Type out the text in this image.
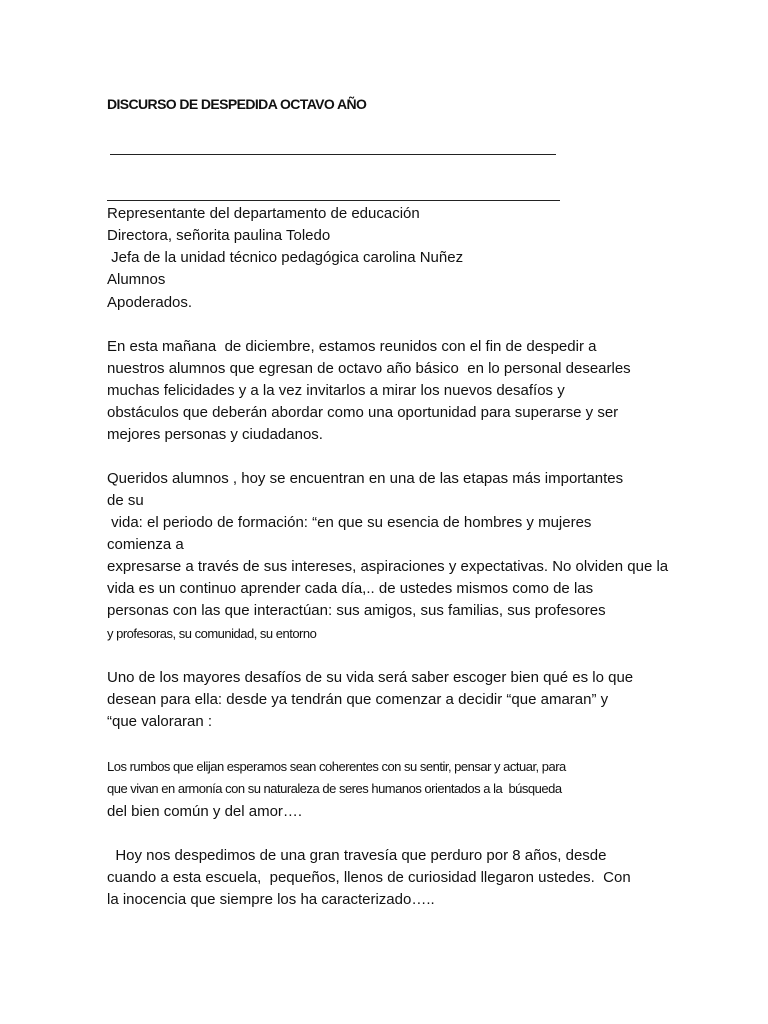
DISCURSO DE DESPEDIDA OCTAVO AÑO
Representante del departamento de educación
Directora, señorita paulina Toledo
Jefa de la unidad técnico pedagógica carolina Nuñez
Alumnos
Apoderados.
En esta mañana  de diciembre, estamos reunidos con el fin de despedir a
nuestros alumnos que egresan de octavo año básico  en lo personal desearles
muchas felicidades y a la vez invitarlos a mirar los nuevos desafíos y
obstáculos que deberán abordar como una oportunidad para superarse y ser
mejores personas y ciudadanos.
Queridos alumnos , hoy se encuentran en una de las etapas más importantes
de su
vida: el periodo de formación: “en que su esencia de hombres y mujeres
comienza a
expresarse a través de sus intereses, aspiraciones y expectativas. No olviden que la
vida es un continuo aprender cada día,.. de ustedes mismos como de las
personas con las que interactúan: sus amigos, sus familias, sus profesores
y profesoras, su comunidad, su entorno
Uno de los mayores desafíos de su vida será saber escoger bien qué es lo que
desean para ella: desde ya tendrán que comenzar a decidir “que amaran” y
“que valoraran :
Los rumbos que elijan esperamos sean coherentes con su sentir, pensar y actuar, para
que vivan en armonía con su naturaleza de seres humanos orientados a la  búsqueda
del bien común y del amor….
Hoy nos despedimos de una gran travesía que perduro por 8 años, desde
cuando a esta escuela,  pequeños, llenos de curiosidad llegaron ustedes.  Con
la inocencia que siempre los ha caracterizado…..
